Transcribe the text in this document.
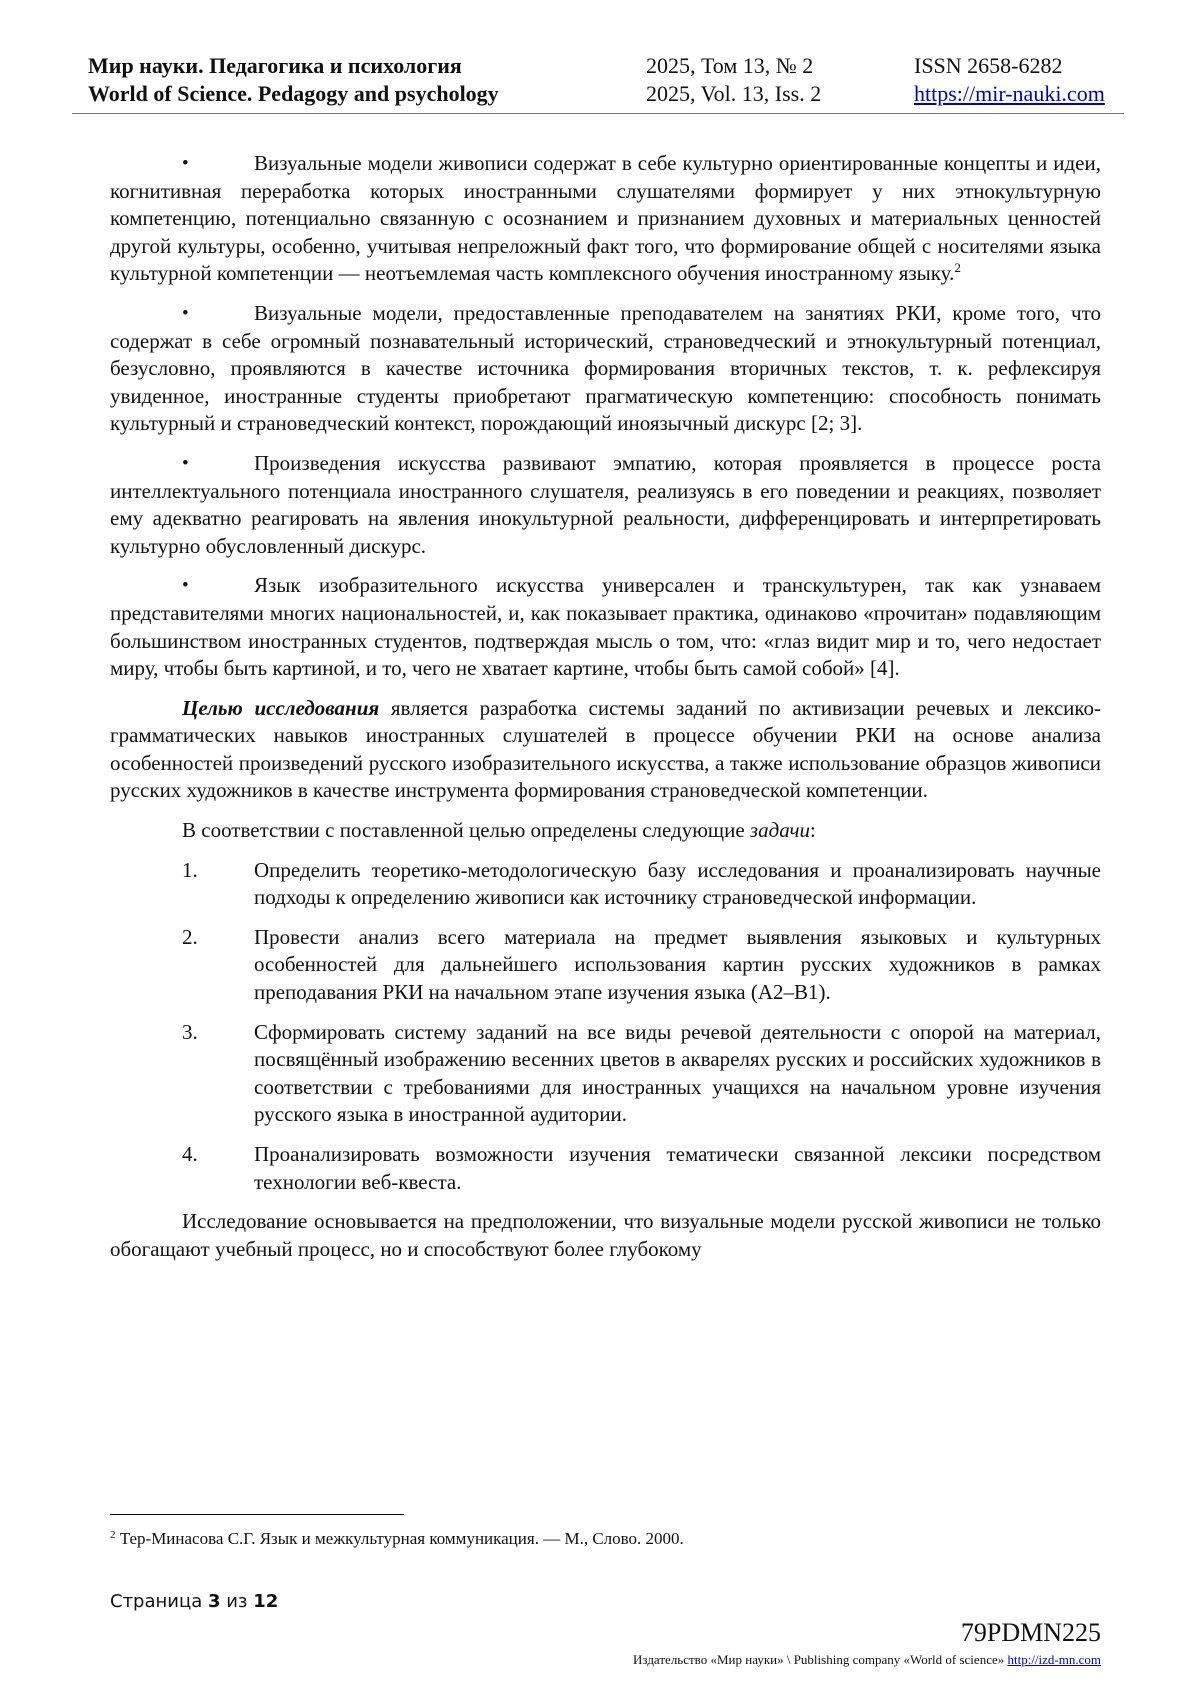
Мир науки. Педагогика и психология	2025, Том 13, № 2	ISSN 2658-6282
World of Science. Pedagogy and psychology	2025, Vol. 13, Iss. 2	https://mir-nauki.com

•	Визуальные модели живописи содержат в себе культурно ориентированные концепты и идеи, когнитивная переработка которых иностранными слушателями формирует у них этнокультурную компетенцию, потенциально связанную с осознанием и признанием духовных и материальных ценностей другой культуры, особенно, учитывая непреложный факт того, что формирование общей с носителями языка культурной компетенции — неотъемлемая часть комплексного обучения иностранному языку.$^2$

•	Визуальные модели, предоставленные преподавателем на занятиях РКИ, кроме того, что содержат в себе огромный познавательный исторический, страноведческий и этнокультурный потенциал, безусловно, проявляются в качестве источника формирования вторичных текстов, т. к. рефлексируя увиденное, иностранные студенты приобретают прагматическую компетенцию: способность понимать культурный и страноведческий контекст, порождающий иноязычный дискурс [2; 3].

•	Произведения искусства развивают эмпатию, которая проявляется в процессе роста интеллектуального потенциала иностранного слушателя, реализуясь в его поведении и реакциях, позволяет ему адекватно реагировать на явления инокультурной реальности, дифференцировать и интерпретировать культурно обусловленный дискурс.

•	Язык изобразительного искусства универсален и транскультурен, так как узнаваем представителями многих национальностей, и, как показывает практика, одинаково «прочитан» подавляющим большинством иностранных студентов, подтверждая мысль о том, что: «глаз видит мир и то, чего недостает миру, чтобы быть картиной, и то, чего не хватает картине, чтобы быть самой собой» [4].

Целью исследования является разработка системы заданий по активизации речевых и лексико-грамматических навыков иностранных слушателей в процессе обучении РКИ на основе анализа особенностей произведений русского изобразительного искусства, а также использование образцов живописи русских художников в качестве инструмента формирования страноведческой компетенции.

В соответствии с поставленной целью определены следующие задачи:

1.	Определить теоретико-методологическую базу исследования и проанализировать научные подходы к определению живописи как источнику страноведческой информации.

2.	Провести анализ всего материала на предмет выявления языковых и культурных особенностей для дальнейшего использования картин русских художников в рамках преподавания РКИ на начальном этапе изучения языка (А2–В1).

3.	Сформировать систему заданий на все виды речевой деятельности с опорой на материал, посвящённый изображению весенних цветов в акварелях русских и российских художников в соответствии с требованиями для иностранных учащихся на начальном уровне изучения русского языка в иностранной аудитории.

4.	Проанализировать возможности изучения тематически связанной лексики посредством технологии веб-квеста.

Исследование основывается на предположении, что визуальные модели русской живописи не только обогащают учебный процесс, но и способствуют более глубокому

$^2$ Тер-Минасова С.Г. Язык и межкультурная коммуникация. — М., Слово. 2000.
Страница 3 из 12
79PDMN225
Издательство «Мир науки» \ Publishing company «World of science» http://izd-mn.com
